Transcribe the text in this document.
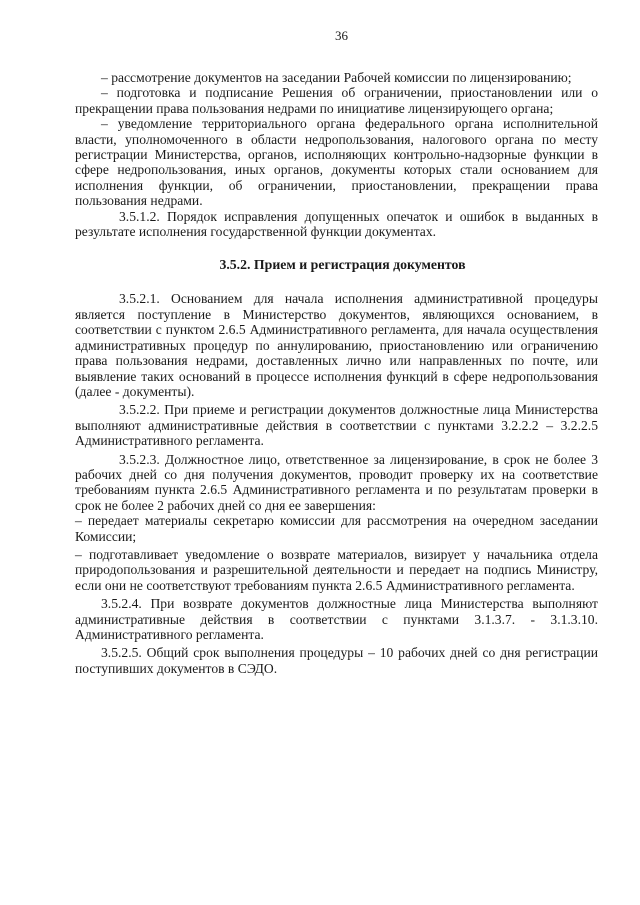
36

– рассмотрение документов на заседании Рабочей комиссии по лицензированию;

– подготовка и подписание Решения об ограничении, приостановлении или о прекращении права пользования недрами по инициативе лицензирующего органа;

– уведомление территориального органа федерального органа исполнительной власти, уполномоченного в области недропользования, налогового органа по месту регистрации Министерства, органов, исполняющих контрольно-надзорные функции в сфере недропользования, иных органов, документы которых стали основанием для исполнения функции, об ограничении, приостановлении, прекращении права пользования недрами.

3.5.1.2. Порядок исправления допущенных опечаток и ошибок в выданных в результате исполнения государственной функции документах.

3.5.2. Прием и регистрация документов

3.5.2.1. Основанием для начала исполнения административной процедуры является поступление в Министерство документов, являющихся основанием, в соответствии с пунктом 2.6.5 Административного регламента, для начала осуществления административных процедур по аннулированию, приостановлению или ограничению права пользования недрами, доставленных лично или направленных по почте, или выявление таких оснований в процессе исполнения функций в сфере недропользования (далее - документы).

3.5.2.2. При приеме и регистрации документов должностные лица Министерства выполняют административные действия в соответствии с пунктами 3.2.2.2 – 3.2.2.5 Административного регламента.

3.5.2.3. Должностное лицо, ответственное за лицензирование, в срок не более 3 рабочих дней со дня получения документов, проводит проверку их на соответствие требованиям пункта 2.6.5 Административного регламента и по результатам проверки в срок не более 2 рабочих дней со дня ее завершения:

– передает материалы секретарю комиссии для рассмотрения на очередном заседании Комиссии;

– подготавливает уведомление о возврате материалов, визирует у начальника отдела природопользования и разрешительной деятельности и передает на подпись Министру, если они не соответствуют требованиям пункта 2.6.5 Административного регламента.

3.5.2.4. При возврате документов должностные лица Министерства выполняют административные действия в соответствии с пунктами 3.1.3.7. - 3.1.3.10. Административного регламента.

3.5.2.5. Общий срок выполнения процедуры – 10 рабочих дней со дня регистрации поступивших документов в СЭДО.
